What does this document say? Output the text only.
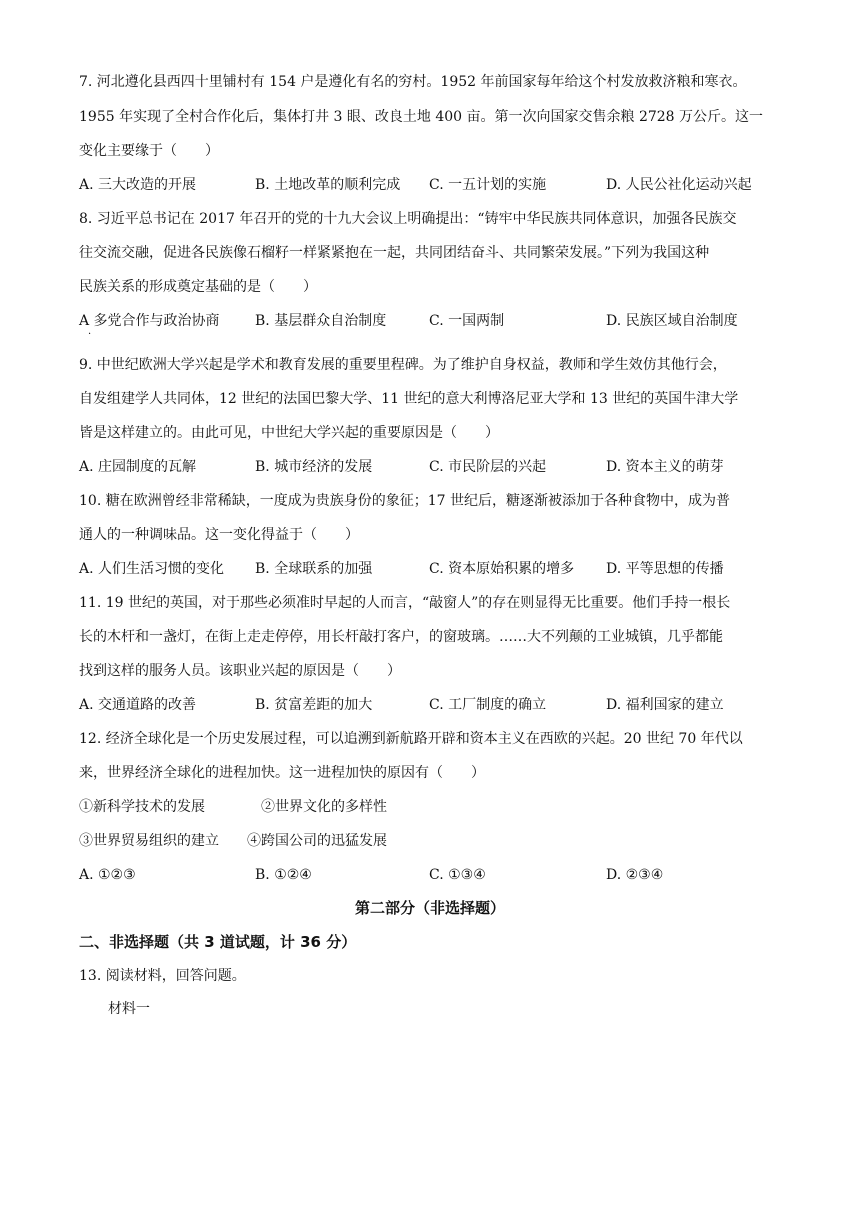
7. 河北遵化县西四十里铺村有 154 户是遵化有名的穷村。1952 年前国家每年给这个村发放救济粮和寒衣。
1955 年实现了全村合作化后，集体打井 3 眼、改良土地 400 亩。第一次向国家交售余粮 2728 万公斤。这一
变化主要缘于（　　）
A. 三大改造的开展	B. 土地改革的顺利完成 C. 一五计划的实施	D. 人民公社化运动兴起
8. 习近平总书记在 2017 年召开的党的十九大会议上明确提出：“铸牢中华民族共同体意识，加强各民族交
往交流交融，促进各民族像石榴籽一样紧紧抱在一起，共同团结奋斗、共同繁荣发展。”下列为我国这种
民族关系的形成奠定基础的是（　　）
A 多党合作与政治协商	B. 基层群众自治制度	C. 一国两制	D. 民族区域自治制度
·
9. 中世纪欧洲大学兴起是学术和教育发展的重要里程碑。为了维护自身权益，教师和学生效仿其他行会，
自发组建学人共同体，12 世纪的法国巴黎大学、11 世纪的意大利博洛尼亚大学和 13 世纪的英国牛津大学
皆是这样建立的。由此可见，中世纪大学兴起的重要原因是（　　）
A. 庄园制度的瓦解	B. 城市经济的发展	C. 市民阶层的兴起	D. 资本主义的萌芽
10. 糖在欧洲曾经非常稀缺，一度成为贵族身份的象征；17 世纪后，糖逐渐被添加于各种食物中，成为普
通人的一种调味品。这一变化得益于（　　）
A. 人们生活习惯的变化 B. 全球联系的加强	C. 资本原始积累的增多 D. 平等思想的传播
11. 19 世纪的英国，对于那些必须准时早起的人而言，“敲窗人”的存在则显得无比重要。他们手持一根长
长的木杆和一盏灯，在街上走走停停，用长杆敲打客户，的窗玻璃。……大不列颠的工业城镇，几乎都能
找到这样的服务人员。该职业兴起的原因是（　　）
A. 交通道路的改善	B. 贫富差距的加大	C. 工厂制度的确立	D. 福利国家的建立
12. 经济全球化是一个历史发展过程，可以追溯到新航路开辟和资本主义在西欧的兴起。20 世纪 70 年代以
来，世界经济全球化的进程加快。这一进程加快的原因有（　　）
①新科学技术的发展　　　　②世界文化的多样性
③世界贸易组织的建立　　④跨国公司的迅猛发展
A. ①②③	B. ①②④	C. ①③④	D. ②③④
第二部分（非选择题）
二、非选择题（共 3 道试题，计 36 分）
13. 阅读材料，回答问题。
材料一
